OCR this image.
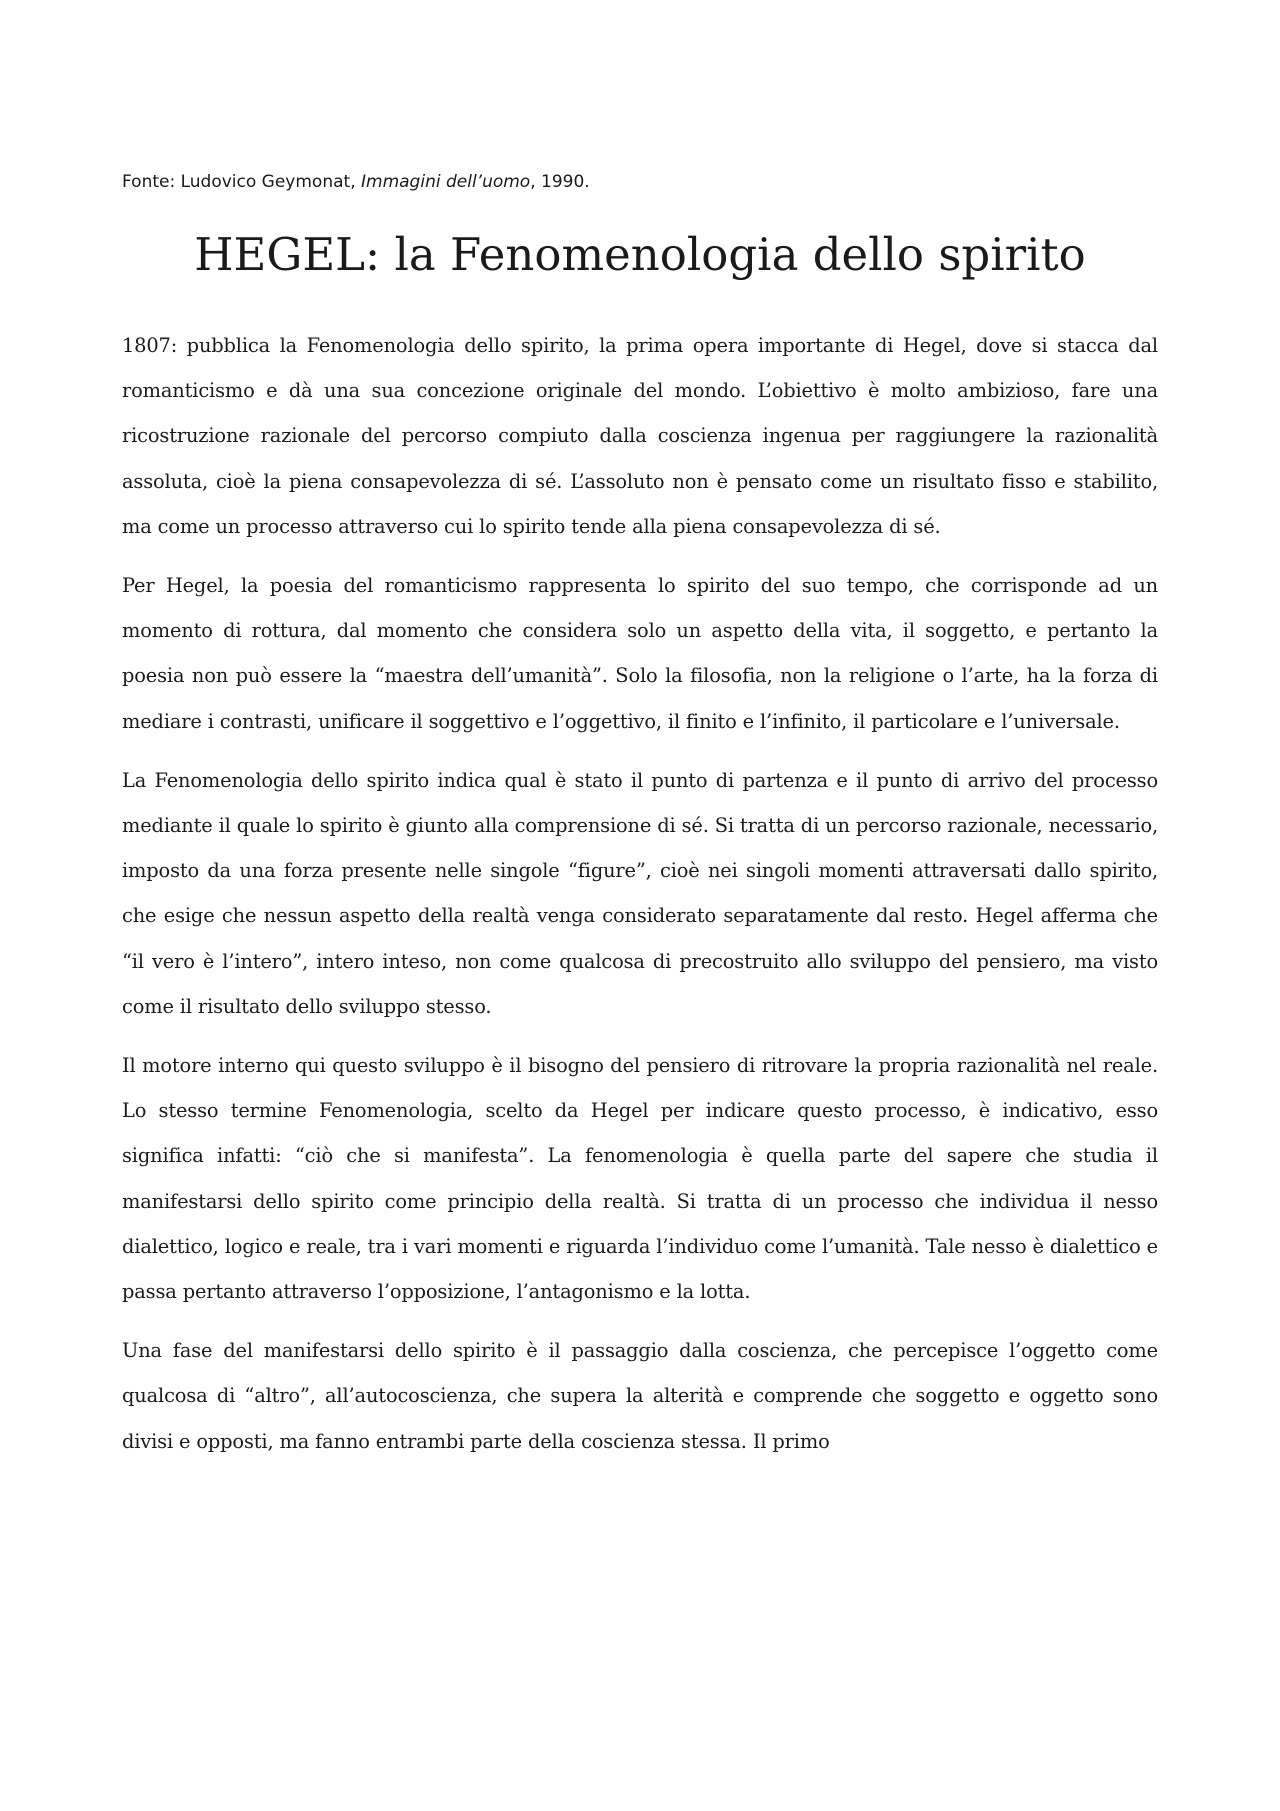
Fonte: Ludovico Geymonat, Immagini dell’uomo, 1990.

HEGEL: la Fenomenologia dello spirito

1807: pubblica la Fenomenologia dello spirito, la prima opera importante di Hegel, dove si stacca dal romanticismo e dà una sua concezione originale del mondo. L’obiettivo è molto ambizioso, fare una ricostruzione razionale del percorso compiuto dalla coscienza ingenua per raggiungere la razionalità assoluta, cioè la piena consapevolezza di sé. L’assoluto non è pensato come un risultato fisso e stabilito, ma come un processo attraverso cui lo spirito tende alla piena consapevolezza di sé.

Per Hegel, la poesia del romanticismo rappresenta lo spirito del suo tempo, che corrisponde ad un momento di rottura, dal momento che considera solo un aspetto della vita, il soggetto, e pertanto la poesia non può essere la “maestra dell’umanità”. Solo la filosofia, non la religione o l’arte, ha la forza di mediare i contrasti, unificare il soggettivo e l’oggettivo, il finito e l’infinito, il particolare e l’universale.

La Fenomenologia dello spirito indica qual è stato il punto di partenza e il punto di arrivo del processo mediante il quale lo spirito è giunto alla comprensione di sé. Si tratta di un percorso razionale, necessario, imposto da una forza presente nelle singole “figure”, cioè nei singoli momenti attraversati dallo spirito, che esige che nessun aspetto della realtà venga considerato separatamente dal resto. Hegel afferma che “il vero è l’intero”, intero inteso, non come qualcosa di precostruito allo sviluppo del pensiero, ma visto come il risultato dello sviluppo stesso.

Il motore interno qui questo sviluppo è il bisogno del pensiero di ritrovare la propria razionalità nel reale. Lo stesso termine Fenomenologia, scelto da Hegel per indicare questo processo, è indicativo, esso significa infatti: “ciò che si manifesta”. La fenomenologia è quella parte del sapere che studia il manifestarsi dello spirito come principio della realtà. Si tratta di un processo che individua il nesso dialettico, logico e reale, tra i vari momenti e riguarda l’individuo come l’umanità. Tale nesso è dialettico e passa pertanto attraverso l’opposizione, l’antagonismo e la lotta.

Una fase del manifestarsi dello spirito è il passaggio dalla coscienza, che percepisce l’oggetto come qualcosa di “altro”, all’autocoscienza, che supera la alterità e comprende che soggetto e oggetto sono divisi e opposti, ma fanno entrambi parte della coscienza stessa. Il primo
